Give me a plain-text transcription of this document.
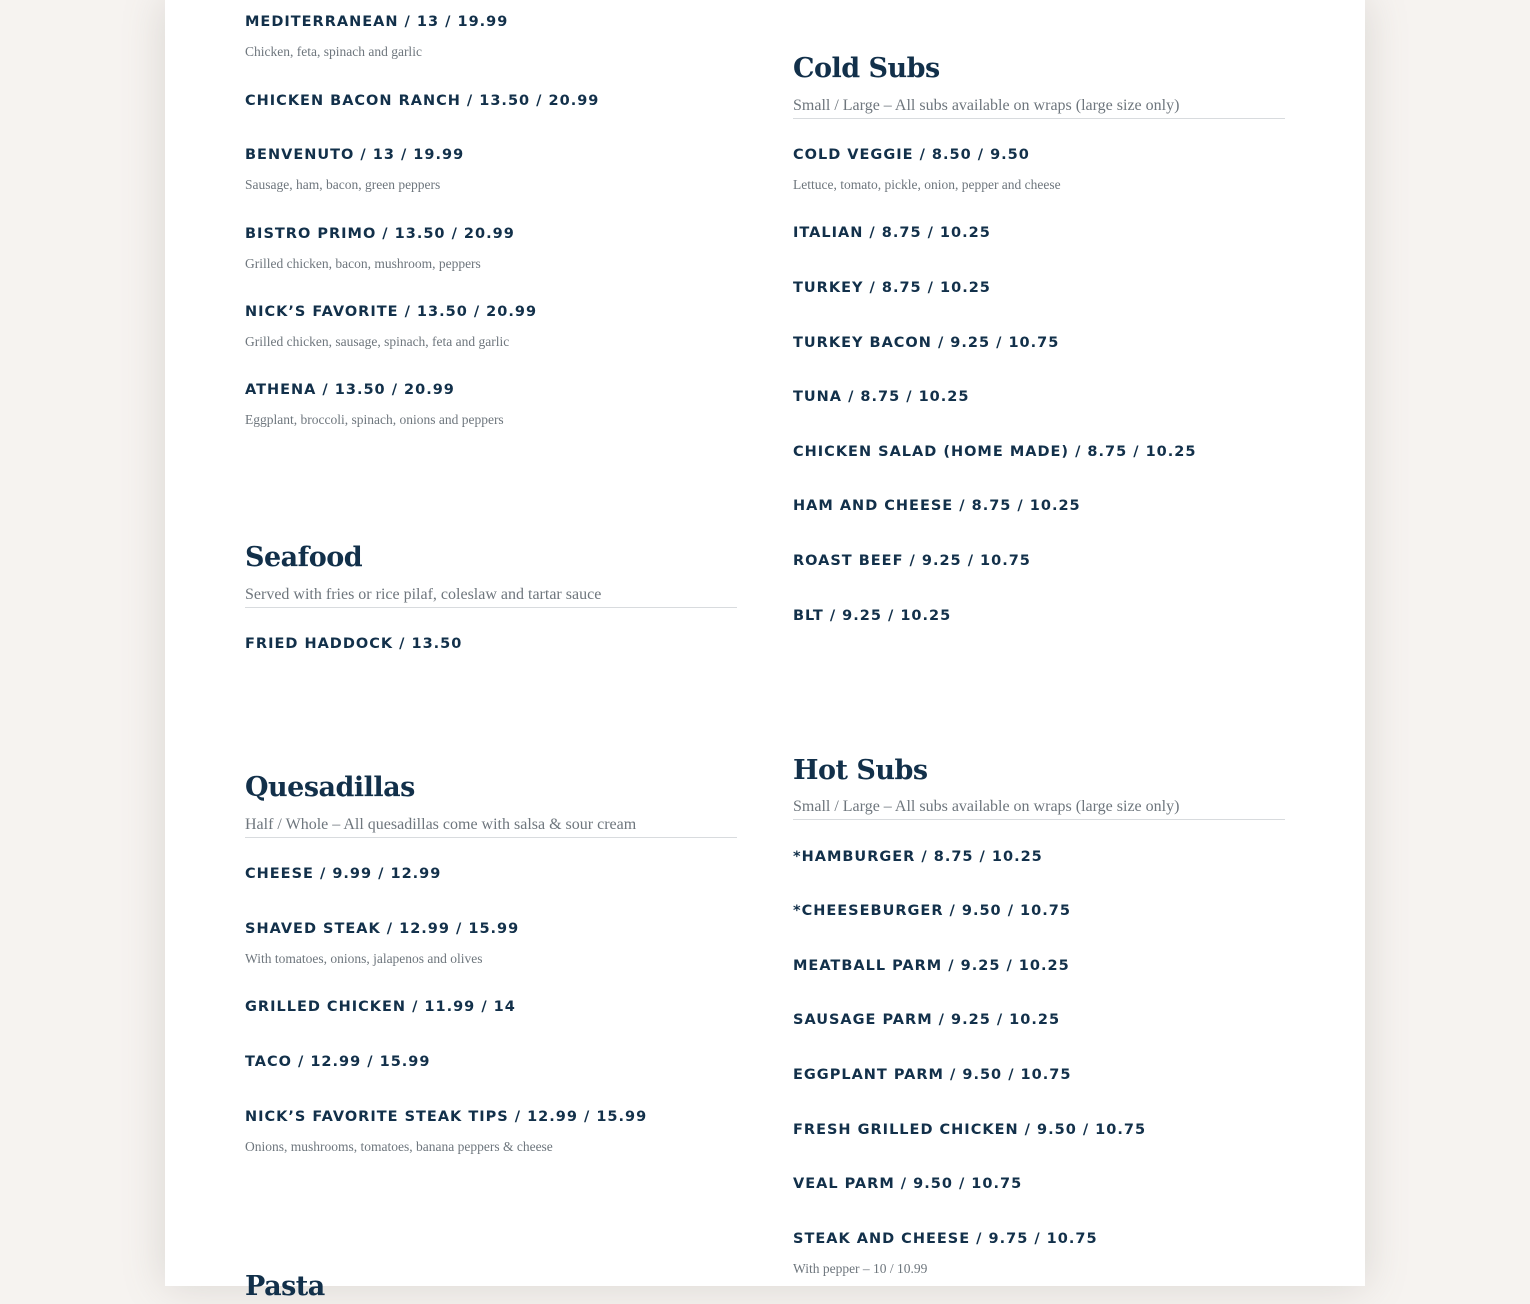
MEDITERRANEAN / 13 / 19.99
Chicken, feta, spinach and garlic
CHICKEN BACON RANCH / 13.50 / 20.99
BENVENUTO / 13 / 19.99
Sausage, ham, bacon, green peppers
BISTRO PRIMO / 13.50 / 20.99
Grilled chicken, bacon, mushroom, peppers
NICK’S FAVORITE / 13.50 / 20.99
Grilled chicken, sausage, spinach, feta and garlic
ATHENA / 13.50 / 20.99
Eggplant, broccoli, spinach, onions and peppers
Seafood
Served with fries or rice pilaf, coleslaw and tartar sauce
FRIED HADDOCK / 13.50
Quesadillas
Half / Whole – All quesadillas come with salsa & sour cream
CHEESE / 9.99 / 12.99
SHAVED STEAK / 12.99 / 15.99
With tomatoes, onions, jalapenos and olives
GRILLED CHICKEN / 11.99 / 14
TACO / 12.99 / 15.99
NICK’S FAVORITE STEAK TIPS / 12.99 / 15.99
Onions, mushrooms, tomatoes, banana peppers & cheese
Pasta
Cold Subs
Small / Large – All subs available on wraps (large size only)
COLD VEGGIE / 8.50 / 9.50
Lettuce, tomato, pickle, onion, pepper and cheese
ITALIAN / 8.75 / 10.25
TURKEY / 8.75 / 10.25
TURKEY BACON / 9.25 / 10.75
TUNA / 8.75 / 10.25
CHICKEN SALAD (HOME MADE) / 8.75 / 10.25
HAM AND CHEESE / 8.75 / 10.25
ROAST BEEF / 9.25 / 10.75
BLT / 9.25 / 10.25
Hot Subs
Small / Large – All subs available on wraps (large size only)
*HAMBURGER / 8.75 / 10.25
*CHEESEBURGER / 9.50 / 10.75
MEATBALL PARM / 9.25 / 10.25
SAUSAGE PARM / 9.25 / 10.25
EGGPLANT PARM / 9.50 / 10.75
FRESH GRILLED CHICKEN / 9.50 / 10.75
VEAL PARM / 9.50 / 10.75
STEAK AND CHEESE / 9.75 / 10.75
With pepper – 10 / 10.99
